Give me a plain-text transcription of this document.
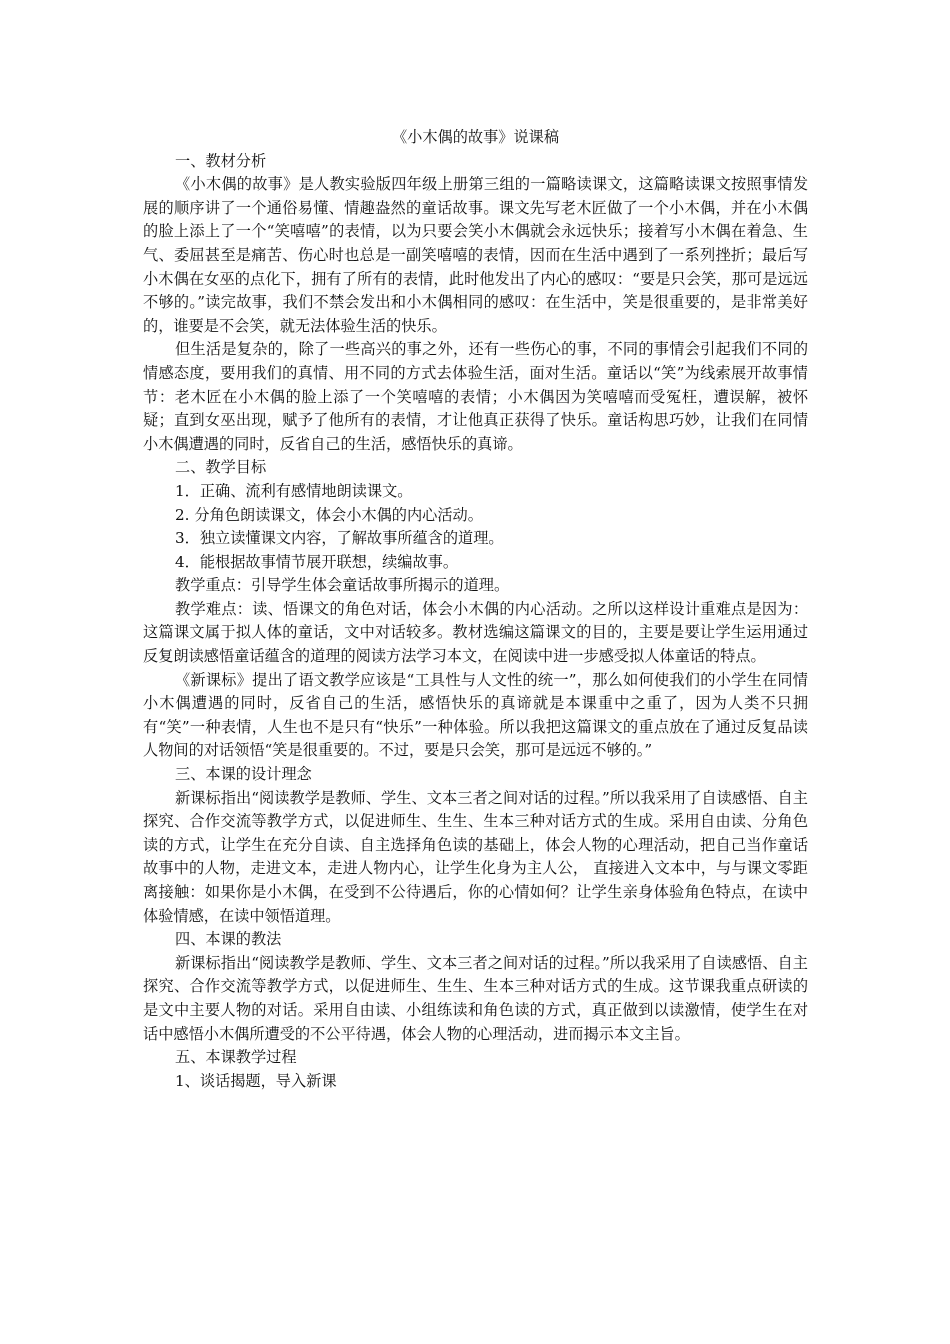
《小木偶的故事》说课稿

一、教材分析

《小木偶的故事》是人教实验版四年级上册第三组的一篇略读课文，这篇略读课文按照事情发展的顺序讲了一个通俗易懂、情趣盎然的童话故事。课文先写老木匠做了一个小木偶，并在小木偶的脸上添上了一个“笑嘻嘻”的表情，以为只要会笑小木偶就会永远快乐；接着写小木偶在着急、生气、委屈甚至是痛苦、伤心时也总是一副笑嘻嘻的表情，因而在生活中遇到了一系列挫折；最后写小木偶在女巫的点化下，拥有了所有的表情，此时他发出了内心的感叹：“要是只会笑，那可是远远不够的。”读完故事，我们不禁会发出和小木偶相同的感叹：在生活中，笑是很重要的，是非常美好的，谁要是不会笑，就无法体验生活的快乐。

但生活是复杂的，除了一些高兴的事之外，还有一些伤心的事，不同的事情会引起我们不同的情感态度，要用我们的真情、用不同的方式去体验生活，面对生活。童话以“笑”为线索展开故事情节：老木匠在小木偶的脸上添了一个笑嘻嘻的表情；小木偶因为笑嘻嘻而受冤枉，遭误解，被怀疑；直到女巫出现，赋予了他所有的表情，才让他真正获得了快乐。童话构思巧妙，让我们在同情小木偶遭遇的同时，反省自己的生活，感悟快乐的真谛。

二、教学目标

1．正确、流利有感情地朗读课文。

2. 分角色朗读课文，体会小木偶的内心活动。

3．独立读懂课文内容，了解故事所蕴含的道理。

4．能根据故事情节展开联想，续编故事。

教学重点：引导学生体会童话故事所揭示的道理。

教学难点：读、悟课文的角色对话，体会小木偶的内心活动。之所以这样设计重难点是因为：这篇课文属于拟人体的童话，文中对话较多。教材选编这篇课文的目的，主要是要让学生运用通过反复朗读感悟童话蕴含的道理的阅读方法学习本文，在阅读中进一步感受拟人体童话的特点。

《新课标》提出了语文教学应该是“工具性与人文性的统一”，那么如何使我们的小学生在同情小木偶遭遇的同时，反省自己的生活，感悟快乐的真谛就是本课重中之重了，因为人类不只拥有“笑”一种表情，人生也不是只有“快乐”一种体验。所以我把这篇课文的重点放在了通过反复品读人物间的对话领悟“笑是很重要的。不过，要是只会笑，那可是远远不够的。”

三、本课的设计理念

新课标指出“阅读教学是教师、学生、文本三者之间对话的过程。”所以我采用了自读感悟、自主探究、合作交流等教学方式，以促进师生、生生、生本三种对话方式的生成。采用自由读、分角色读的方式，让学生在充分自读、自主选择角色读的基础上，体会人物的心理活动，把自己当作童话故事中的人物，走进文本，走进人物内心，让学生化身为主人公， 直接进入文本中，与与课文零距离接触：如果你是小木偶，在受到不公待遇后，你的心情如何？让学生亲身体验角色特点，在读中体验情感，在读中领悟道理。

四、本课的教法

新课标指出“阅读教学是教师、学生、文本三者之间对话的过程。”所以我采用了自读感悟、自主探究、合作交流等教学方式，以促进师生、生生、生本三种对话方式的生成。这节课我重点研读的是文中主要人物的对话。采用自由读、小组练读和角色读的方式，真正做到以读激情，使学生在对话中感悟小木偶所遭受的不公平待遇，体会人物的心理活动，进而揭示本文主旨。

五、本课教学过程

1、谈话揭题，导入新课
